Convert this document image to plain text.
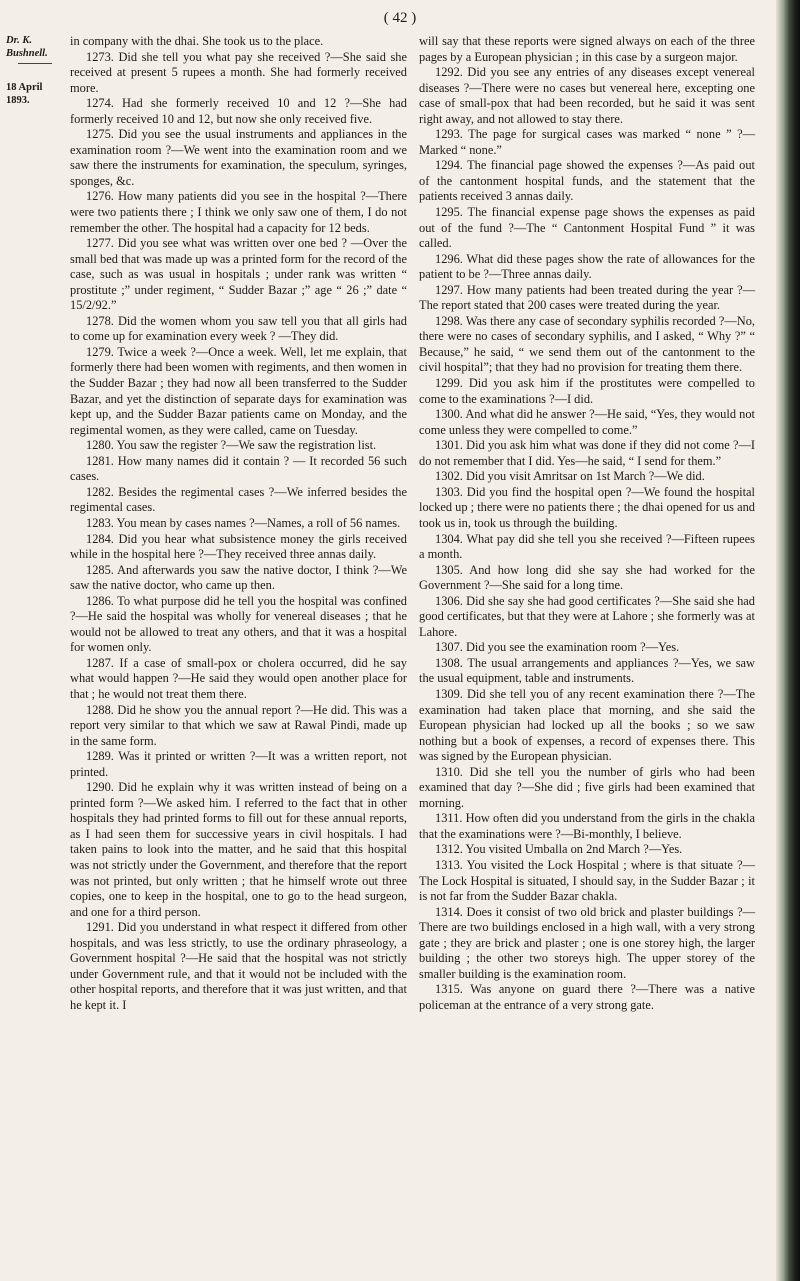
( 42 )
Dr. K. Bushnell.
18 April 1893.

in company with the dhai. She took us to the place.

1273. Did she tell you what pay she received ?—She said she received at present 5 rupees a month. She had formerly received more.

1274. Had she formerly received 10 and 12 ?—She had formerly received 10 and 12, but now she only received five.

1275. Did you see the usual instruments and appliances in the examination room ?—We went into the examination room and we saw there the instruments for examination, the speculum, syringes, sponges, &c.

1276. How many patients did you see in the hospital ?—There were two patients there ; I think we only saw one of them, I do not remember the other. The hospital had a capacity for 12 beds.

1277. Did you see what was written over one bed ? —Over the small bed that was made up was a printed form for the record of the case, such as was usual in hospitals ; under rank was written “ prostitute ;” under regiment, “ Sudder Bazar ;” age “ 26 ;” date “ 15/2/92.”

1278. Did the women whom you saw tell you that all girls had to come up for examination every week ? —They did.

1279. Twice a week ?—Once a week. Well, let me explain, that formerly there had been women with regiments, and then women in the Sudder Bazar ; they had now all been transferred to the Sudder Bazar, and yet the distinction of separate days for examination was kept up, and the Sudder Bazar patients came on Monday, and the regimental women, as they were called, came on Tuesday.

1280. You saw the register ?—We saw the registration list.

1281. How many names did it contain ? — It recorded 56 such cases.

1282. Besides the regimental cases ?—We inferred besides the regimental cases.

1283. You mean by cases names ?—Names, a roll of 56 names.

1284. Did you hear what subsistence money the girls received while in the hospital here ?—They received three annas daily.

1285. And afterwards you saw the native doctor, I think ?—We saw the native doctor, who came up then.

1286. To what purpose did he tell you the hospital was confined ?—He said the hospital was wholly for venereal diseases ; that he would not be allowed to treat any others, and that it was a hospital for women only.

1287. If a case of small-pox or cholera occurred, did he say what would happen ?—He said they would open another place for that ; he would not treat them there.

1288. Did he show you the annual report ?—He did. This was a report very similar to that which we saw at Rawal Pindi, made up in the same form.

1289. Was it printed or written ?—It was a written report, not printed.

1290. Did he explain why it was written instead of being on a printed form ?—We asked him. I referred to the fact that in other hospitals they had printed forms to fill out for these annual reports, as I had seen them for successive years in civil hospitals. I had taken pains to look into the matter, and he said that this hospital was not strictly under the Government, and therefore that the report was not printed, but only written ; that he himself wrote out three copies, one to keep in the hospital, one to go to the head surgeon, and one for a third person.

1291. Did you understand in what respect it differed from other hospitals, and was less strictly, to use the ordinary phraseology, a Government hospital ?—He said that the hospital was not strictly under Government rule, and that it would not be included with the other hospital reports, and therefore that it was just written, and that he kept it. I

will say that these reports were signed always on each of the three pages by a European physician ; in this case by a surgeon major.

1292. Did you see any entries of any diseases except venereal diseases ?—There were no cases but venereal here, excepting one case of small-pox that had been recorded, but he said it was sent right away, and not allowed to stay there.

1293. The page for surgical cases was marked “ none ” ?—Marked “ none.”

1294. The financial page showed the expenses ?—As paid out of the cantonment hospital funds, and the statement that the patients received 3 annas daily.

1295. The financial expense page shows the expenses as paid out of the fund ?—The “ Cantonment Hospital Fund ” it was called.

1296. What did these pages show the rate of allowances for the patient to be ?—Three annas daily.

1297. How many patients had been treated during the year ?—The report stated that 200 cases were treated during the year.

1298. Was there any case of secondary syphilis recorded ?—No, there were no cases of secondary syphilis, and I asked, “ Why ?” “ Because,” he said, “ we send them out of the cantonment to the civil hospital”; that they had no provision for treating them there.

1299. Did you ask him if the prostitutes were compelled to come to the examinations ?—I did.

1300. And what did he answer ?—He said, “Yes, they would not come unless they were compelled to come.”

1301. Did you ask him what was done if they did not come ?—I do not remember that I did. Yes—he said, “ I send for them.”

1302. Did you visit Amritsar on 1st March ?—We did.

1303. Did you find the hospital open ?—We found the hospital locked up ; there were no patients there ; the dhai opened for us and took us in, took us through the building.

1304. What pay did she tell you she received ?—Fifteen rupees a month.

1305. And how long did she say she had worked for the Government ?—She said for a long time.

1306. Did she say she had good certificates ?—She said she had good certificates, but that they were at Lahore ; she formerly was at Lahore.

1307. Did you see the examination room ?—Yes.

1308. The usual arrangements and appliances ?—Yes, we saw the usual equipment, table and instruments.

1309. Did she tell you of any recent examination there ?—The examination had taken place that morning, and she said the European physician had locked up all the books ; so we saw nothing but a book of expenses, a record of expenses there. This was signed by the European physician.

1310. Did she tell you the number of girls who had been examined that day ?—She did ; five girls had been examined that morning.

1311. How often did you understand from the girls in the chakla that the examinations were ?—Bi-monthly, I believe.

1312. You visited Umballa on 2nd March ?—Yes.

1313. You visited the Lock Hospital ; where is that situate ?—The Lock Hospital is situated, I should say, in the Sudder Bazar ; it is not far from the Sudder Bazar chakla.

1314. Does it consist of two old brick and plaster buildings ?—There are two buildings enclosed in a high wall, with a very strong gate ; they are brick and plaster ; one is one storey high, the larger building ; the other two storeys high. The upper storey of the smaller building is the examination room.

1315. Was anyone on guard there ?—There was a native policeman at the entrance of a very strong gate.
